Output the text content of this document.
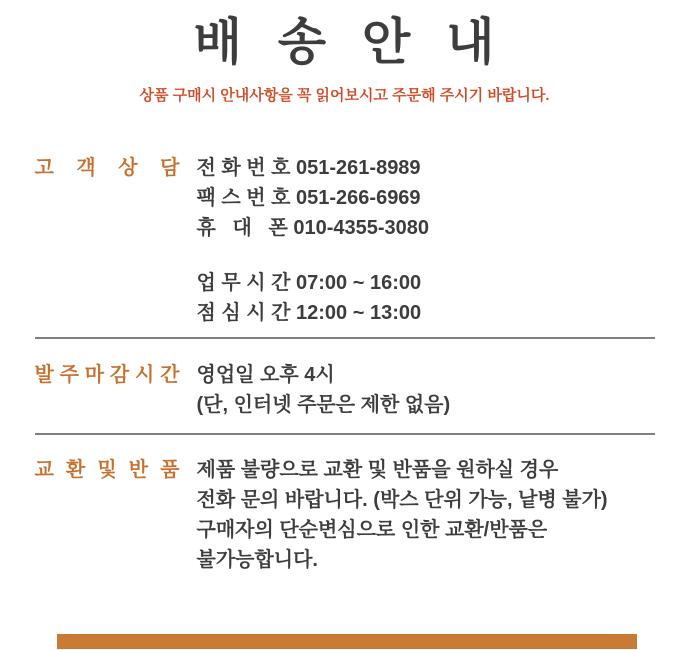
배 송 안 내
상품 구매시 안내사항을 꼭 읽어보시고 주문해 주시기 바랍니다.
고 객 상 담 전 화 번 호 051-261-8989
팩 스 번 호 051-266-6969
휴   대   폰 010-4355-3080
업 무 시 간 07:00 ~ 16:00
점 심 시 간 12:00 ~ 13:00
발 주 마 감 시 간 영업일 오후 4시
(단, 인터넷 주문은 제한 없음)
교 환 및 반 품 제품 불량으로 교환 및 반품을 원하실 경우
전화 문의 바랍니다. (박스 단위 가능, 낱병 불가)
구매자의 단순변심으로 인한 교환/반품은
불가능합니다.
